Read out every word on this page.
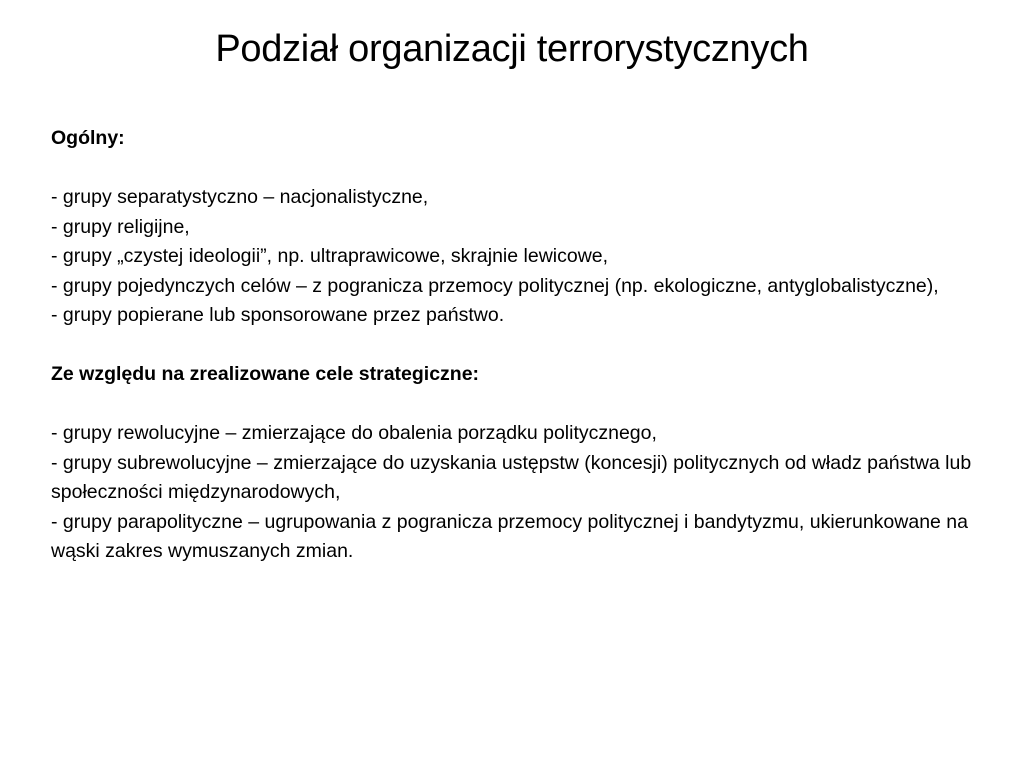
Podział organizacji terrorystycznych
Ogólny:

- grupy separatystyczno – nacjonalistyczne,

- grupy religijne,

- grupy „czystej ideologii”, np. ultraprawicowe, skrajnie lewicowe,

- grupy pojedynczych celów – z pogranicza przemocy politycznej (np. ekologiczne, antyglobalistyczne),

- grupy popierane lub sponsorowane przez państwo.

Ze względu na zrealizowane cele strategiczne:

- grupy rewolucyjne – zmierzające do obalenia porządku politycznego,

- grupy subrewolucyjne – zmierzające do uzyskania ustępstw (koncesji) politycznych od władz państwa lub społeczności międzynarodowych,

- grupy parapolityczne – ugrupowania z pogranicza przemocy politycznej i bandytyzmu, ukierunkowane na wąski zakres wymuszanych zmian.
